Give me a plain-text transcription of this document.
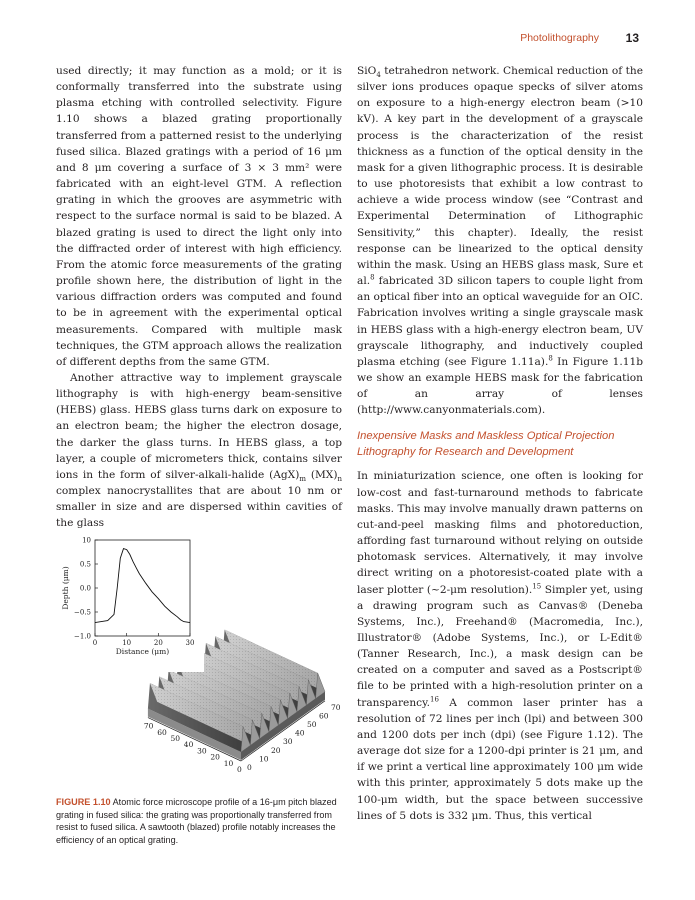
Photolithography 13

used directly; it may function as a mold; or it is conformally transferred into the substrate using plasma etching with controlled selectivity. Figure 1.10 shows a blazed grating proportionally transferred from a patterned resist to the underlying fused silica. Blazed gratings with a period of 16 μm and 8 μm covering a surface of 3 × 3 mm² were fabricated with an eight-level GTM. A reflection grating in which the grooves are asymmetric with respect to the surface normal is said to be blazed. A blazed grating is used to direct the light only into the diffracted order of interest with high efficiency. From the atomic force measurements of the grating profile shown here, the distribution of light in the various diffraction orders was computed and found to be in agreement with the experimental optical measurements. Compared with multiple mask techniques, the GTM approach allows the realization of different depths from the same GTM.

Another attractive way to implement grayscale lithography is with high-energy beam-sensitive (HEBS) glass. HEBS glass turns dark on exposure to an electron beam; the higher the electron dosage, the darker the glass turns. In HEBS glass, a top layer, a couple of micrometers thick, contains silver ions in the form of silver-alkali-halide $(AgX)_m$ $(MX)_n$ complex nanocrystallites that are about 10 nm or smaller in size and are dispersed within cavities of the glass

SiO$_4$ tetrahedron network. Chemical reduction of the silver ions produces opaque specks of silver atoms on exposure to a high-energy electron beam (>10 kV). A key part in the development of a grayscale process is the characterization of the resist thickness as a function of the optical density in the mask for a given lithographic process. It is desirable to use photoresists that exhibit a low contrast to achieve a wide process window (see “Contrast and Experimental Determination of Lithographic Sensitivity,” this chapter). Ideally, the resist response can be linearized to the optical density within the mask. Using an HEBS glass mask, Sure et al.$^8$ fabricated 3D silicon tapers to couple light from an optical fiber into an optical waveguide for an OIC. Fabrication involves writing a single grayscale mask in HEBS glass with a high-energy electron beam, UV grayscale lithography, and inductively coupled plasma etching (see Figure 1.11a).$^8$ In Figure 1.11b we show an example HEBS mask for the fabrication of an array of lenses (http://www.canyonmaterials.com).

Inexpensive Masks and Maskless Optical Projection Lithography for Research and Development

In miniaturization science, one often is looking for low-cost and fast-turnaround methods to fabricate masks. This may involve manually drawn patterns on cut-and-peel masking films and photoreduction, affording fast turnaround without relying on outside photomask services. Alternatively, it may involve direct writing on a photoresist-coated plate with a laser plotter (~2-μm resolution).$^{15}$ Simpler yet, using a drawing program such as Canvas® (Deneba Systems, Inc.), Freehand® (Macromedia, Inc.), Illustrator® (Adobe Systems, Inc.), or L-Edit® (Tanner Research, Inc.), a mask design can be created on a computer and saved as a Postscript® file to be printed with a high-resolution printer on a transparency.$^{16}$ A common laser printer has a resolution of 72 lines per inch (lpi) and between 300 and 1200 dots per inch (dpi) (see Figure 1.12). The average dot size for a 1200-dpi printer is 21 μm, and if we print a vertical line approximately 100 μm wide with this printer, approximately 5 dots make up the 100-μm width, but the space between successive lines of 5 dots is 332 μm. Thus, this vertical

70
60
50
40
30
20
10
0
70
60
50
40
30
20
10
0
10
0.5
0.0
−0.5
−1.0
0	10	20	30
Distance (μm)
Depth (μm)
FIGURE 1.10 Atomic force microscope profile of a 16-μm pitch blazed grating in fused silica: the grating was proportionally transferred from resist to fused silica. A sawtooth (blazed) profile notably increases the efficiency of an optical grating.
